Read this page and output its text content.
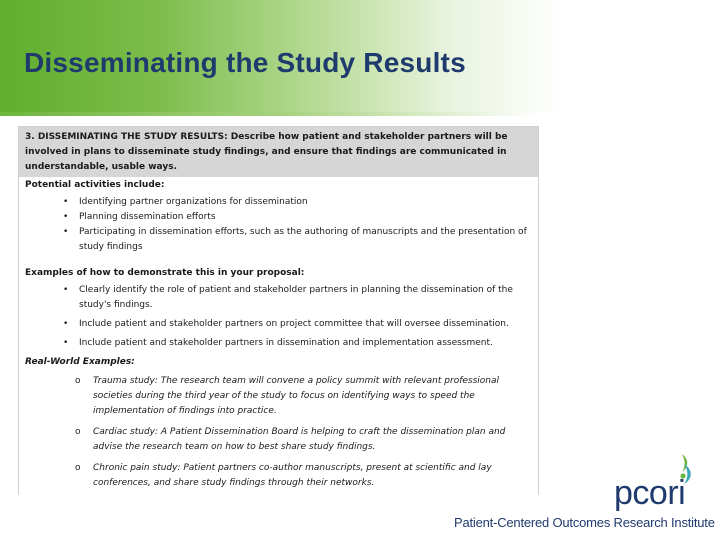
Disseminating the Study Results
3. DISSEMINATING THE STUDY RESULTS: Describe how patient and stakeholder partners will be involved in plans to disseminate study findings, and ensure that findings are communicated in understandable, usable ways.

Potential activities include:

• Identifying partner organizations for dissemination
• Planning dissemination efforts
• Participating in dissemination efforts, such as the authoring of manuscripts and the presentation of study findings

Examples of how to demonstrate this in your proposal:

• Clearly identify the role of patient and stakeholder partners in planning the dissemination of the study's findings.
• Include patient and stakeholder partners on project committee that will oversee dissemination.
• Include patient and stakeholder partners in dissemination and implementation assessment.

Real-World Examples:

o Trauma study: The research team will convene a policy summit with relevant professional societies during the third year of the study to focus on identifying ways to speed the implementation of findings into practice.
o Cardiac study: A Patient Dissemination Board is helping to craft the dissemination plan and advise the research team on how to best share study findings.
o Chronic pain study: Patient partners co-author manuscripts, present at scientific and lay conferences, and share study findings through their networks.	pcori
Patient-Centered Outcomes Research Institute
